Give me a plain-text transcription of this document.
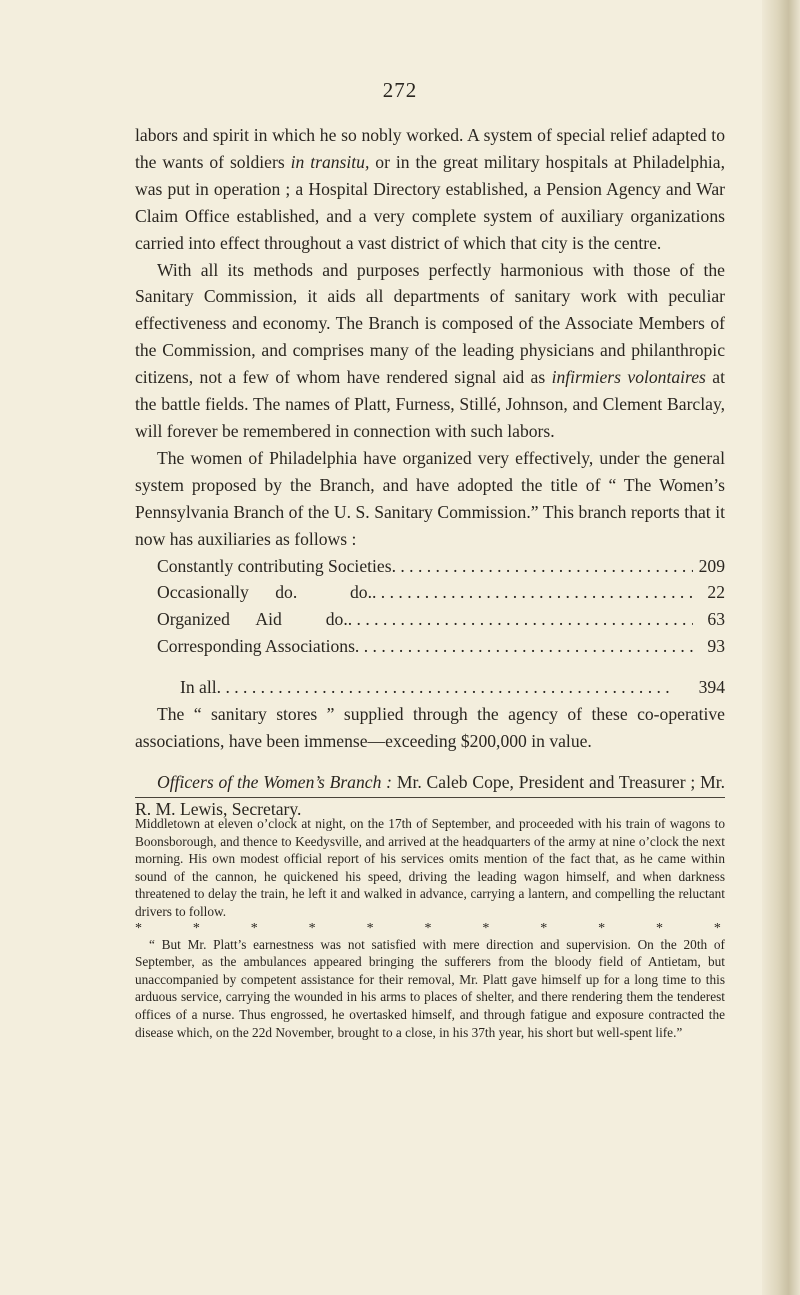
272

labors and spirit in which he so nobly worked. A system of special relief adapted to the wants of soldiers in transitu, or in the great military hospitals at Philadelphia, was put in operation ; a Hospital Directory established, a Pension Agency and War Claim Office established, and a very complete system of auxiliary organizations carried into effect throughout a vast district of which that city is the centre.

With all its methods and purposes perfectly harmonious with those of the Sanitary Commission, it aids all departments of sanitary work with peculiar effectiveness and economy. The Branch is composed of the Associate Members of the Commission, and comprises many of the leading physicians and philanthropic citizens, not a few of whom have rendered signal aid as infirmiers volontaires at the battle fields. The names of Platt, Furness, Stillé, Johnson, and Clement Barclay, will forever be remembered in connection with such labors.

The women of Philadelphia have organized very effectively, under the general system proposed by the Branch, and have adopted the title of “ The Women’s Pennsylvania Branch of the U. S. Sanitary Commission.” This branch reports that it now has auxiliaries as follows :

Constantly contributing Societies . . .	209
Occasionally      do.            do. . . .	22
Organized      Aid          do. . . .	63
Corresponding Associations . . .	93
In all . . .	394

The “ sanitary stores ” supplied through the agency of these co-operative associations, have been immense—exceeding $200,000 in value.

Officers of the Women’s Branch : Mr. Caleb Cope, President and Treasurer ; Mr. R. M. Lewis, Secretary.

Middletown at eleven o’clock at night, on the 17th of September, and proceeded with his train of wagons to Boonsborough, and thence to Keedysville, and arrived at the headquarters of the army at nine o’clock the next morning. His own modest official report of his services omits mention of the fact that, as he came within sound of the cannon, he quickened his speed, driving the leading wagon himself, and when darkness threatened to delay the train, he left it and walked in advance, carrying a lantern, and compelling the reluctant drivers to follow.

*	*	*	*	*	*	*	*	*	*	*

“ But Mr. Platt’s earnestness was not satisfied with mere direction and supervision. On the 20th of September, as the ambulances appeared bringing the sufferers from the bloody field of Antietam, but unaccompanied by competent assistance for their removal, Mr. Platt gave himself up for a long time to this arduous service, carrying the wounded in his arms to places of shelter, and there rendering them the tenderest offices of a nurse. Thus engrossed, he overtasked himself, and through fatigue and exposure contracted the disease which, on the 22d November, brought to a close, in his 37th year, his short but well-spent life.”
